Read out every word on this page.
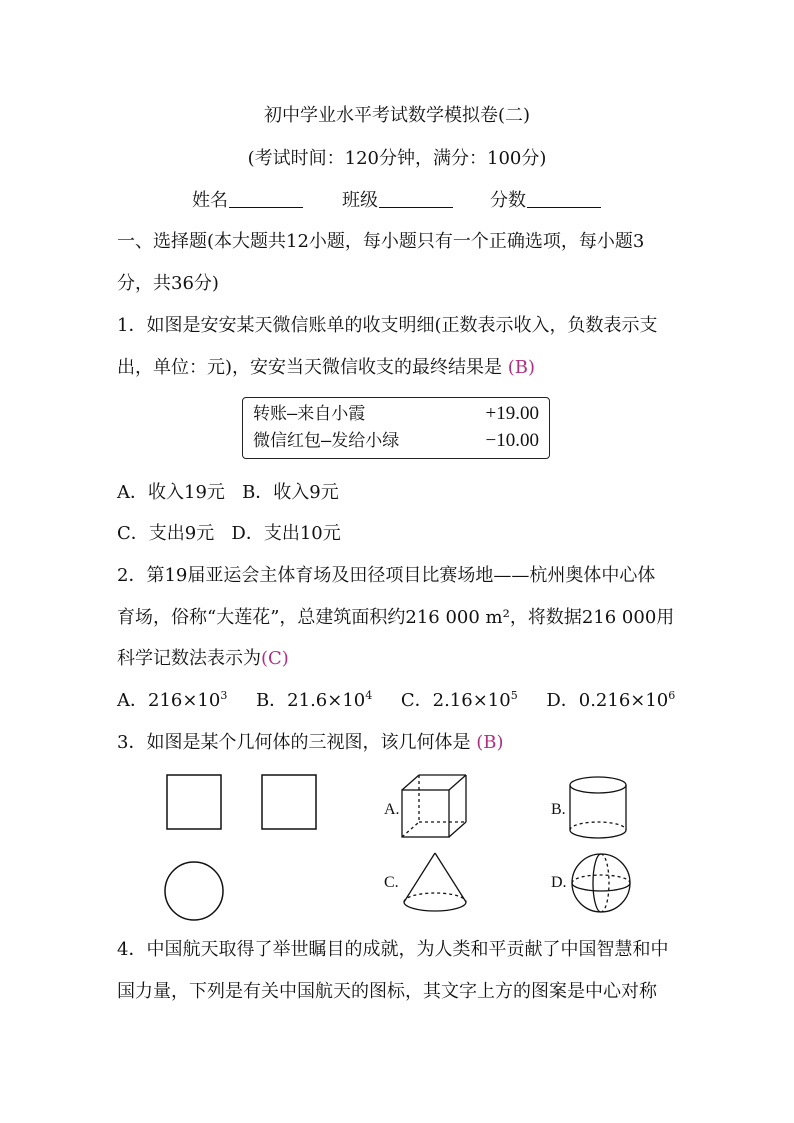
初中学业水平考试数学模拟卷(二)
(考试时间：120分钟，满分：100分)
姓名	班级	分数
一、选择题(本大题共12小题，每小题只有一个正确选项，每小题3
分，共36分)
1．如图是安安某天微信账单的收支明细(正数表示收入，负数表示支
出，单位：元)，安安当天微信收支的最终结果是 (B)
转账—来自小霞	+19.00
微信红包—发给小绿	−10.00
A．收入19元 B．收入9元
C．支出9元 D．支出10元
2．第19届亚运会主体育场及田径项目比赛场地——杭州奥体中心体
育场，俗称“大莲花”，总建筑面积约216 000 m²，将数据216 000用
科学记数法表示为(C)
A．$216\times 10^3$ B．$21.6\times 10^4$ C．$2.16\times 10^5$ D．$0.216\times 10^6$
3．如图是某个几何体的三视图，该几何体是 (B)
A.	B.
C.	D.
4．中国航天取得了举世瞩目的成就，为人类和平贡献了中国智慧和中
国力量，下列是有关中国航天的图标，其文字上方的图案是中心对称
